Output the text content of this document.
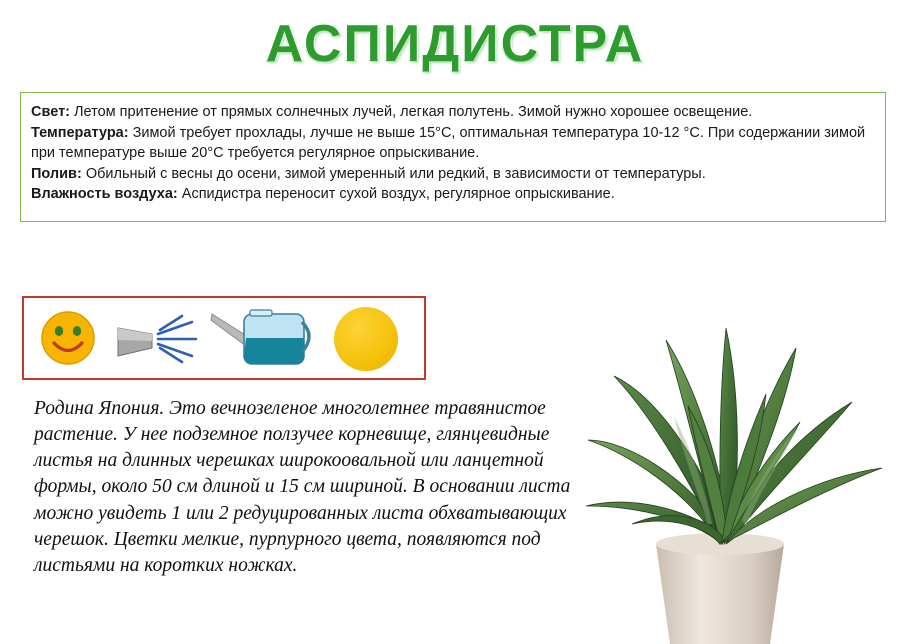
АСПИДИСТРА
Свет: Летом притенение от прямых солнечных лучей, легкая полутень. Зимой нужно хорошее освещение.
Температура: Зимой требует прохлады, лучше не выше 15°C, оптимальная температура 10-12 °C. При содержании зимой при температуре выше 20°C требуется регулярное опрыскивание.
Полив: Обильный с весны до осени, зимой умеренный или редкий, в зависимости от температуры.
Влажность воздуха: Аспидистра переносит сухой воздух, регулярное опрыскивание.
Родина Япония. Это вечнозеленое многолетнее травянистое растение. У нее подземное ползучее корневище, глянцевидные листья на длинных черешках широкоовальной или ланцетной формы, около 50 см длиной и 15 см шириной. В основании листа можно увидеть 1 или 2 редуцированных листа обхватывающих черешок. Цветки мелкие, пурпурного цвета, появляются под листьями на коротких ножках.
